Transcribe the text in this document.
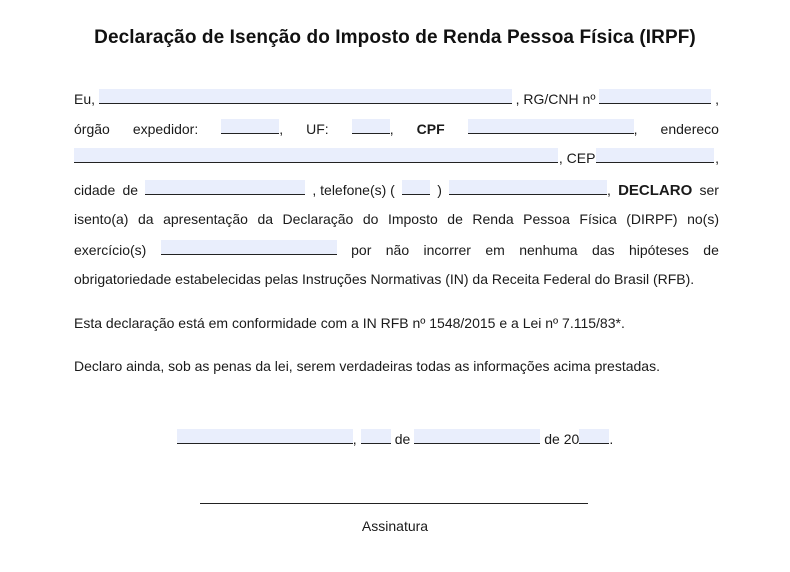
Declaração de Isenção do Imposto de Renda Pessoa Física (IRPF)
Eu,	, RG/CNH nº	,
órgão expedidor:	, UF:	, CPF	, endereco
, CEP	,
cidade de	, telefone(s) (	)	, DECLARO ser
isento(a) da apresentação da Declaração do Imposto de Renda Pessoa Física (DIRPF) no(s)
exercício(s)	por não incorrer em nenhuma das hipóteses de
obrigatoriedade estabelecidas pelas Instruções Normativas (IN) da Receita Federal do Brasil (RFB).
Esta declaração está em conformidade com a IN RFB nº 1548/2015 e a Lei nº 7.115/83*.
Declaro ainda, sob as penas da lei, serem verdadeiras todas as informações acima prestadas.
,	de	de 20 .
Assinatura
